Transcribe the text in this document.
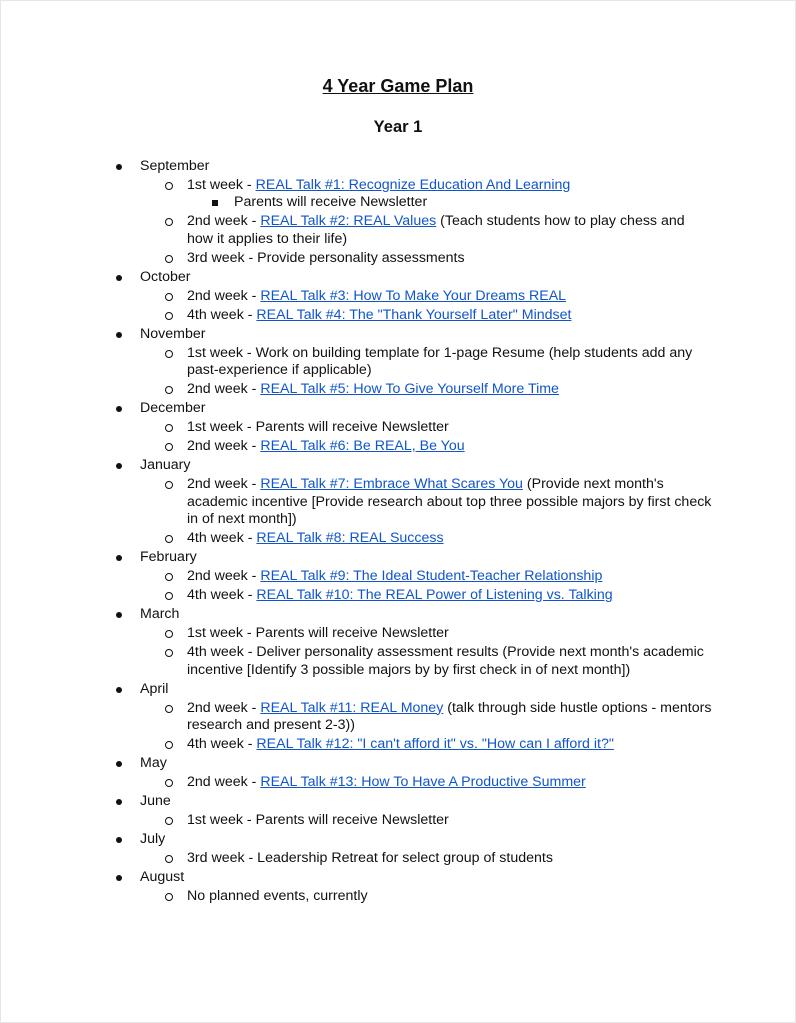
4 Year Game Plan
Year 1
September
1st week - REAL Talk #1: Recognize Education And Learning
Parents will receive Newsletter
2nd week - REAL Talk #2: REAL Values (Teach students how to play chess and how it applies to their life)
3rd week - Provide personality assessments
October
2nd week - REAL Talk #3: How To Make Your Dreams REAL
4th week - REAL Talk #4: The "Thank Yourself Later" Mindset
November
1st week - Work on building template for 1-page Resume (help students add any past-experience if applicable)
2nd week - REAL Talk #5: How To Give Yourself More Time
December
1st week - Parents will receive Newsletter
2nd week - REAL Talk #6: Be REAL, Be You
January
2nd week - REAL Talk #7: Embrace What Scares You (Provide next month's academic incentive [Provide research about top three possible majors by first check in of next month])
4th week - REAL Talk #8: REAL Success
February
2nd week - REAL Talk #9: The Ideal Student-Teacher Relationship
4th week - REAL Talk #10: The REAL Power of Listening vs. Talking
March
1st week - Parents will receive Newsletter
4th week - Deliver personality assessment results (Provide next month's academic incentive [Identify 3 possible majors by by first check in of next month])
April
2nd week - REAL Talk #11: REAL Money (talk through side hustle options - mentors research and present 2-3))
4th week - REAL Talk #12: "I can't afford it" vs. "How can I afford it?"
May
2nd week - REAL Talk #13: How To Have A Productive Summer
June
1st week - Parents will receive Newsletter
July
3rd week - Leadership Retreat for select group of students
August
No planned events, currently
